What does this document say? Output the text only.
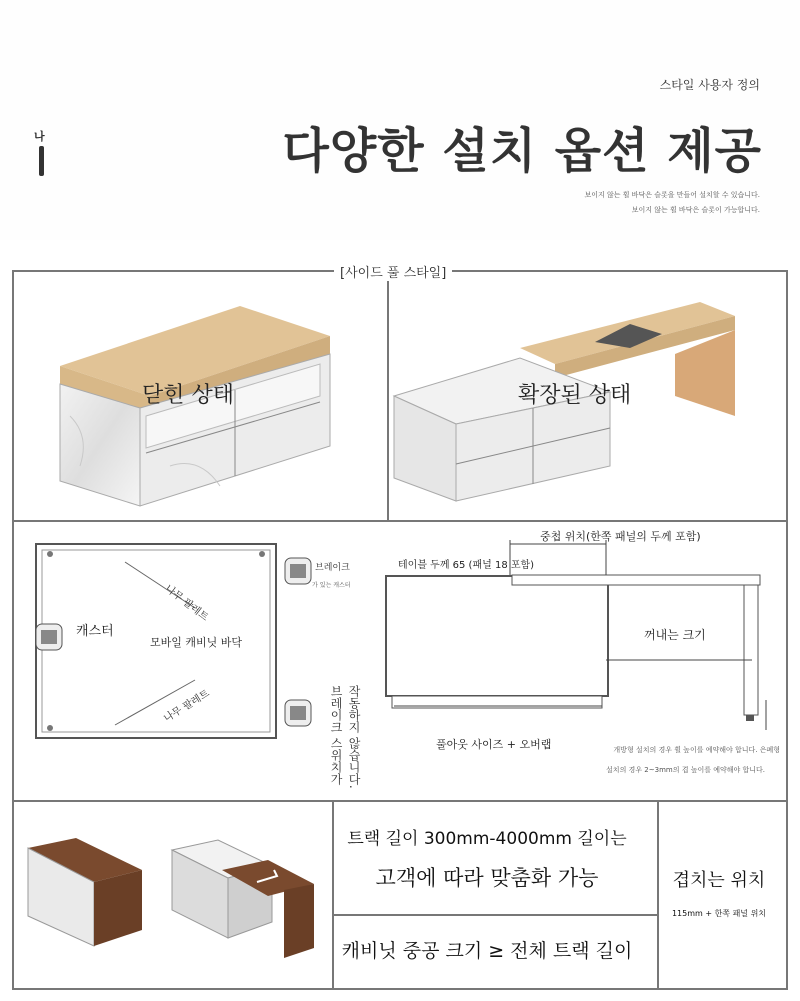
나
스타일 사용자 정의
다양한 설치 옵션 제공
보이지 않는 휠 바닥은 슬롯을 만들어 설치할 수 있습니다.
보이지 않는 휠 바닥은 슬롯이 가능합니다.
[사이드 풀 스타일]
닫힌 상태	확장된 상태
브레이크
가 있는 캐스터
나무 팔레트
캐스터
모바일 캐비닛 바닥
나무 팔레트	브레이크 스위치가 작동하지 않습니다.
중첩 위치(한쪽 패널의 두께 포함)
테이블 두께 65 (패널 18 포함)
꺼내는 크기
풀아웃 사이즈 + 오버랩	개방형 설치의 경우 휠 높이를 예약해야 합니다. 은폐형
설치의 경우 2~3mm의 겹 높이를 예약해야 합니다.
트랙 길이 300mm-4000mm 길이는
고객에 따라 맞춤화 가능
캐비닛 중공 크기 ≥ 전체 트랙 길이
겹치는 위치
115mm + 한쪽 패널 위치
